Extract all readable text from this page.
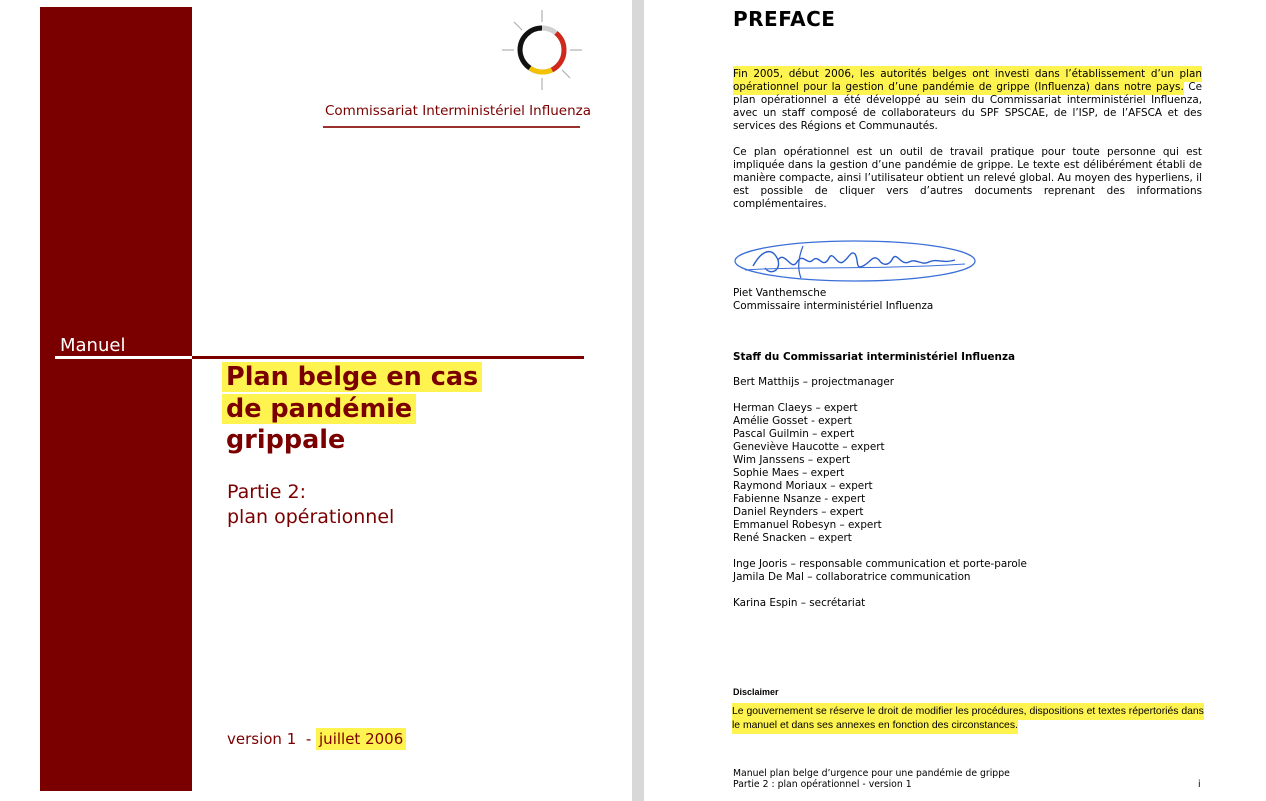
Commissariat Interministériel Influenza
Manuel
Plan belge en cas
de pandémie
grippale
Partie 2:
plan opérationnel
version 1 - juillet 2006
Fin 2005, début 2006, les autorités belges ont investi dans l’établissement d’un plan opérationnel pour la gestion d’une pandémie de grippe (Influenza) dans notre pays. Ce plan opérationnel a été développé au sein du Commissariat interministériel Influenza, avec un staff composé de collaborateurs du SPF SPSCAE, de l’ISP, de l’AFSCA et des services des Régions et Communautés.
Ce plan opérationnel est un outil de travail pratique pour toute personne qui est impliquée dans la gestion d’une pandémie de grippe. Le texte est délibérément établi de manière compacte, ainsi l’utilisateur obtient un relevé global. Au moyen des hyperliens, il est possible de cliquer vers d’autres documents reprenant des informations complémentaires.
Piet Vanthemsche
Commissaire interministériel Influenza
Staff du Commissariat interministériel Influenza
Bert Matthijs – projectmanager
Herman Claeys – expert
Amélie Gosset - expert
Pascal Guilmin – expert
Geneviève Haucotte – expert
Wim Janssens – expert
Sophie Maes – expert
Raymond Moriaux – expert
Fabienne Nsanze - expert
Daniel Reynders – expert
Emmanuel Robesyn – expert
René Snacken – expert
Inge Jooris – responsable communication et porte-parole
Jamila De Mal – collaboratrice communication
Karina Espin – secrétariat
Disclaimer
Le gouvernement se réserve le droit de modifier les procédures, dispositions et textes répertoriés dans le manuel et dans ses annexes en fonction des circonstances.
Manuel plan belge d’urgence pour une pandémie de grippe
Partie 2 : plan opérationnel - version 1
PREFACE
i
